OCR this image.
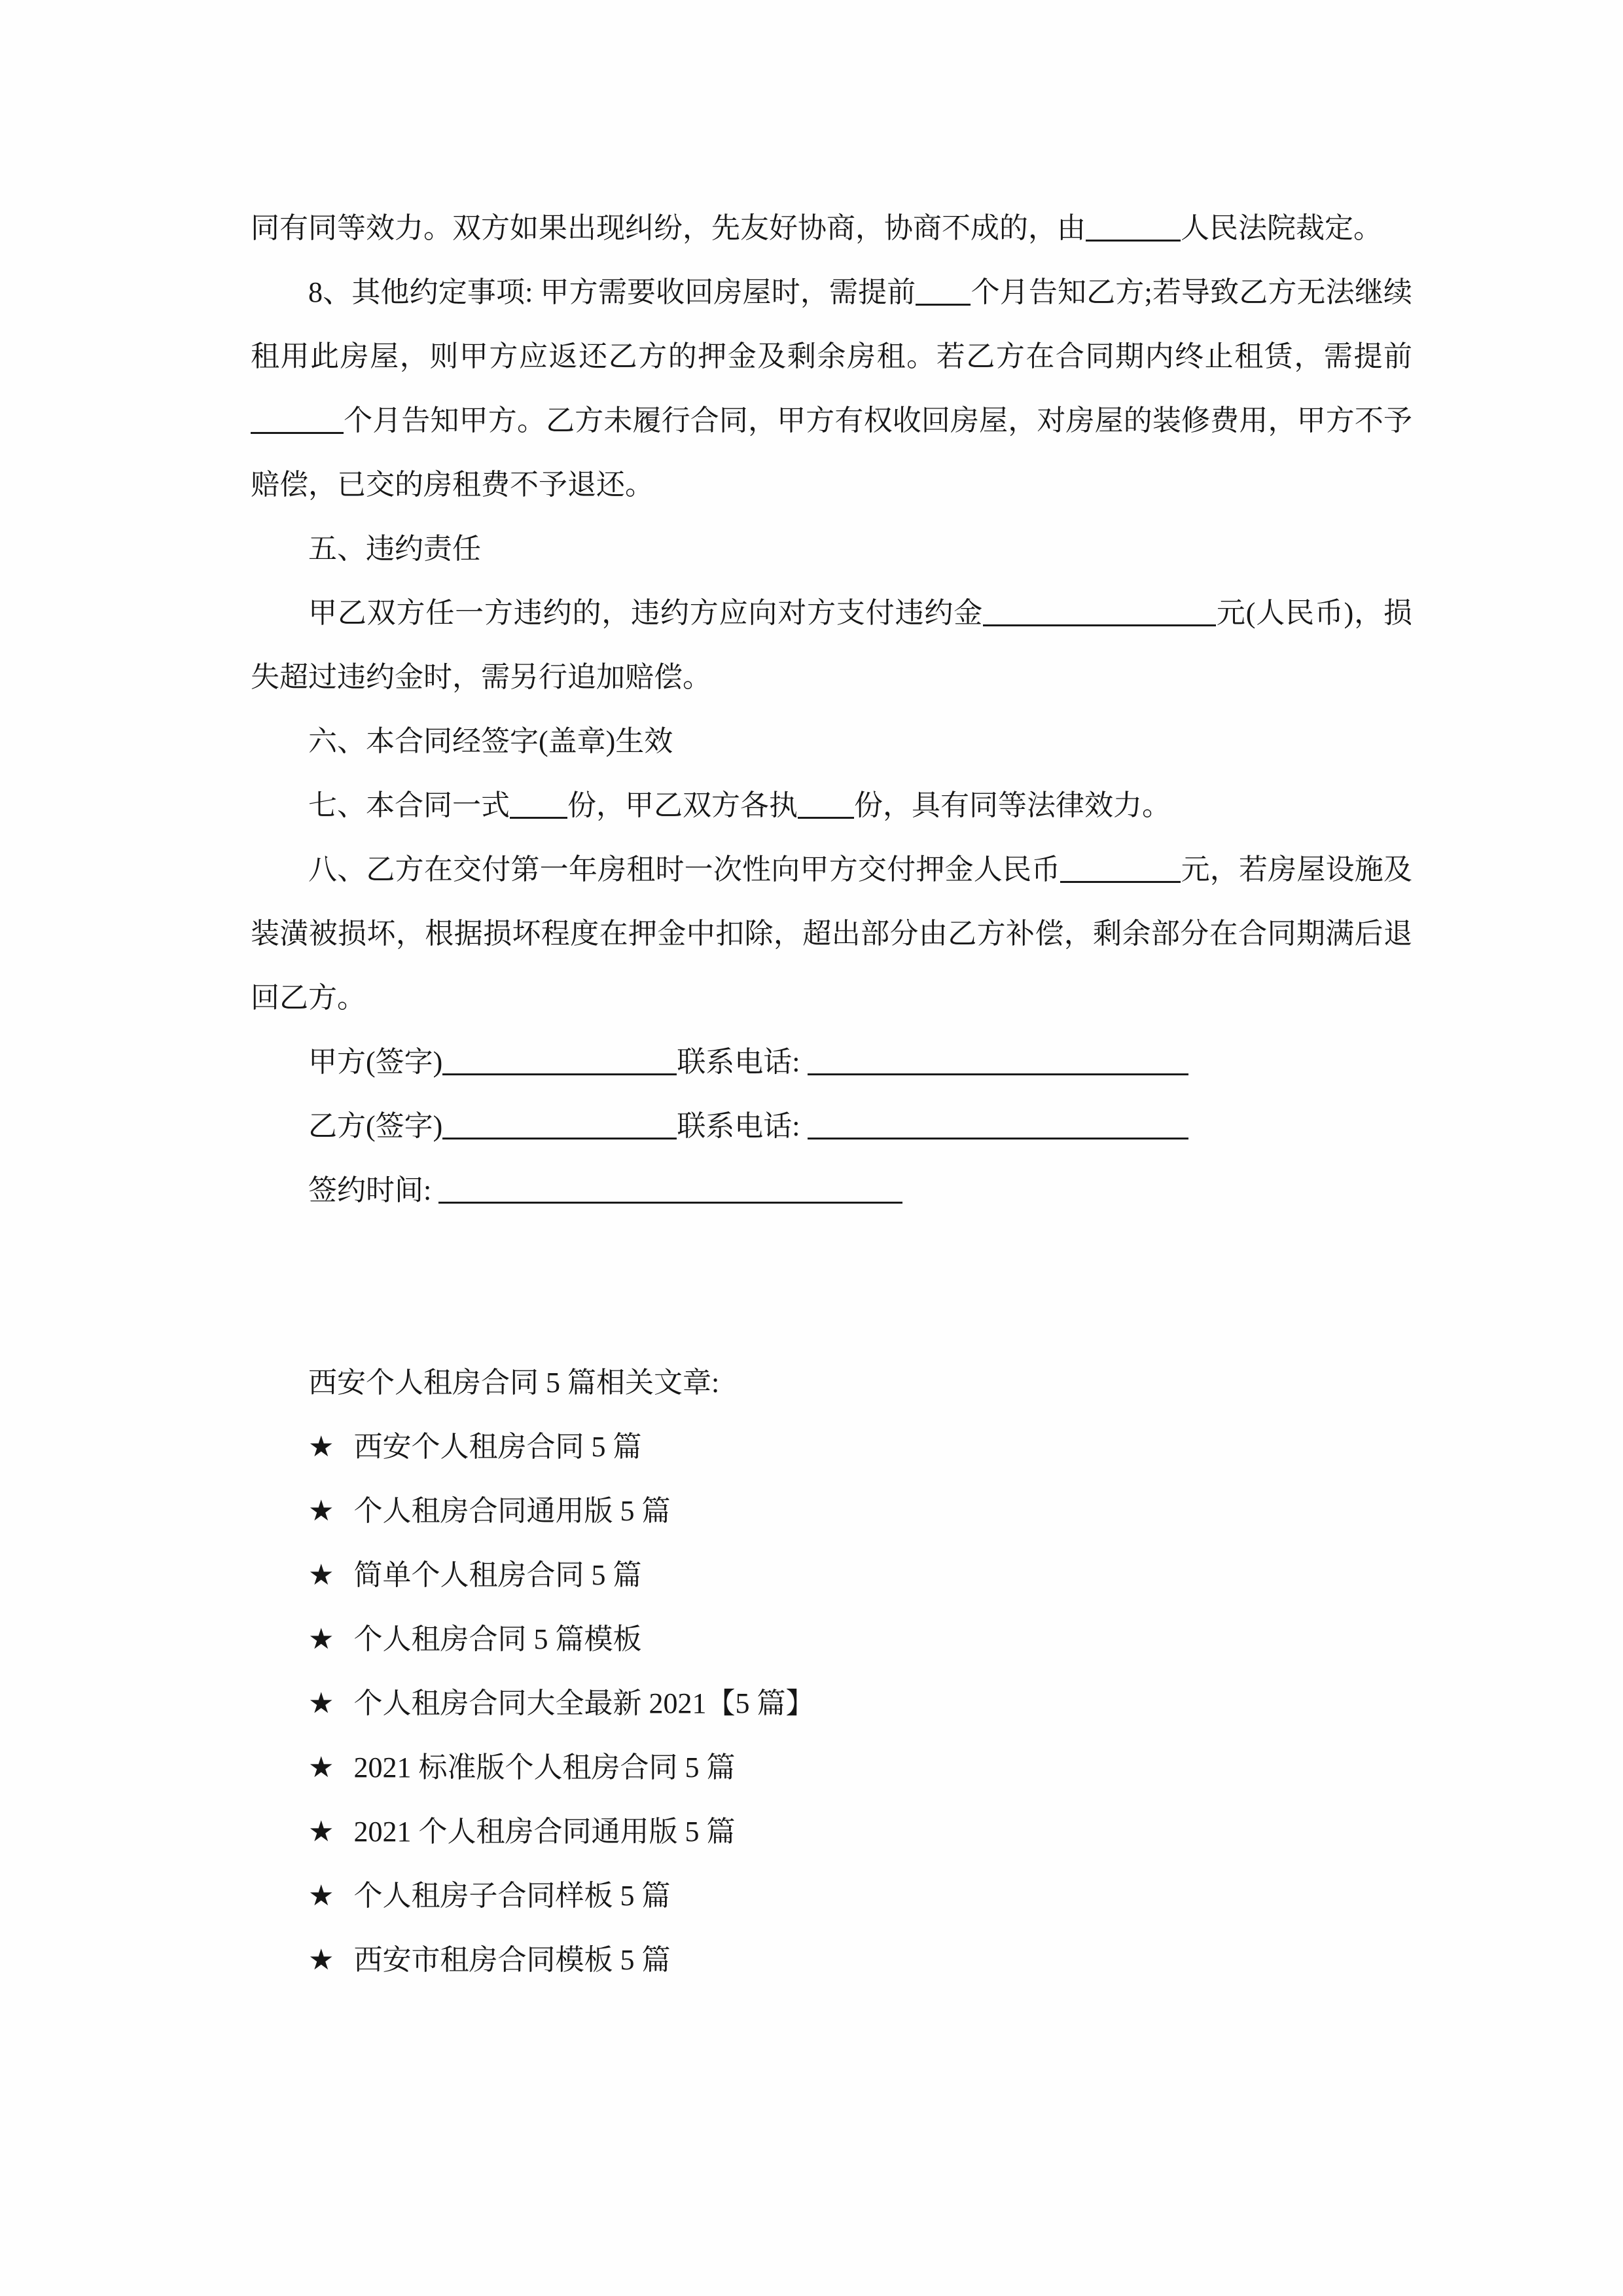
同有同等效力。双方如果出现纠纷，先友好协商，协商不成的，由	人民法院裁定。

8、其他约定事项: 甲方需要收回房屋时，需提前 个月告知乙方;若导致乙方无法继续租用此房屋，则甲方应返还乙方的押金及剩余房租。若乙方在合同期内终止租赁，需提前个月告知甲方。乙方未履行合同，甲方有权收回房屋，对房屋的装修费用，甲方不予赔偿，已交的房租费不予退还。

五、违约责任

甲乙双方任一方违约的，违约方应向对方支付违约金	元(人民币)，损失超过违约金时，需另行追加赔偿。

六、本合同经签字(盖章)生效

七、本合同一式 份，甲乙双方各执 份，具有同等法律效力。

八、乙方在交付第一年房租时一次性向甲方交付押金人民币	元，若房屋设施及装潢被损坏，根据损坏程度在押金中扣除，超出部分由乙方补偿，剩余部分在合同期满后退回乙方。

甲方(签字)	联系电话:

乙方(签字)	联系电话:

签约时间:

西安个人租房合同 5 篇相关文章:

★ 西安个人租房合同 5 篇
★ 个人租房合同通用版 5 篇
★ 简单个人租房合同 5 篇
★ 个人租房合同 5 篇模板
★ 个人租房合同大全最新 2021【5 篇】
★ 2021 标准版个人租房合同 5 篇
★ 2021 个人租房合同通用版 5 篇
★ 个人租房子合同样板 5 篇
★ 西安市租房合同模板 5 篇
